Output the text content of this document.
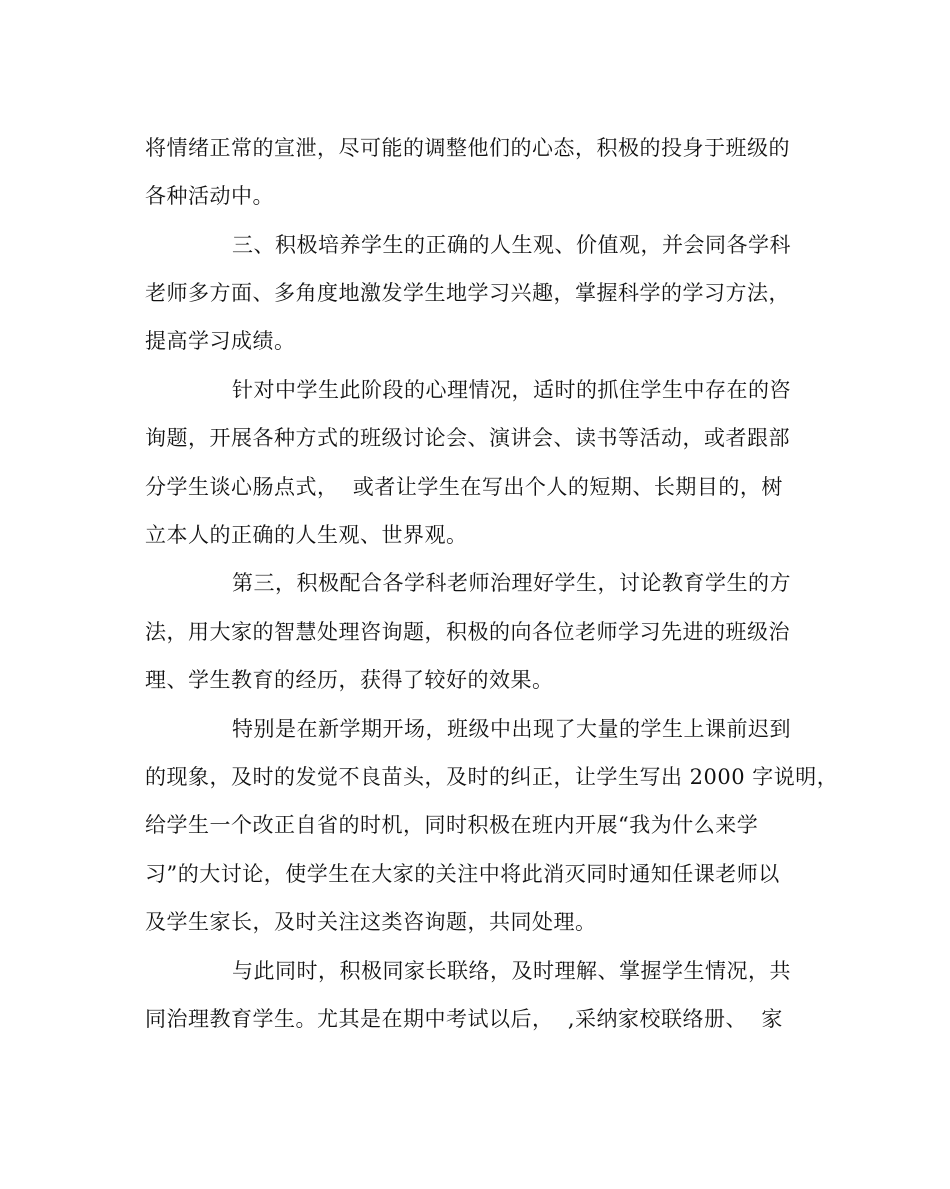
将情绪正常的宣泄，尽可能的调整他们的心态，积极的投身于班级的
各种活动中。
三、积极培养学生的正确的人生观、价值观，并会同各学科
老师多方面、多角度地激发学生地学习兴趣，掌握科学的学习方法，
提高学习成绩。
针对中学生此阶段的心理情况，适时的抓住学生中存在的咨
询题，开展各种方式的班级讨论会、演讲会、读书等活动，或者跟部
分学生谈心肠点式，  或者让学生在写出个人的短期、长期目的，树
立本人的正确的人生观、世界观。
第三，积极配合各学科老师治理好学生，讨论教育学生的方
法，用大家的智慧处理咨询题，积极的向各位老师学习先进的班级治
理、学生教育的经历，获得了较好的效果。
特别是在新学期开场，班级中出现了大量的学生上课前迟到
的现象，及时的发觉不良苗头，及时的纠正，让学生写出 2000 字说明，
给学生一个改正自省的时机，同时积极在班内开展“我为什么来学
习”的大讨论，使学生在大家的关注中将此消灭同时通知任课老师以
及学生家长，及时关注这类咨询题，共同处理。
与此同时，积极同家长联络，及时理解、掌握学生情况，共
同治理教育学生。尤其是在期中考试以后，  ,采纳家校联络册、  家
